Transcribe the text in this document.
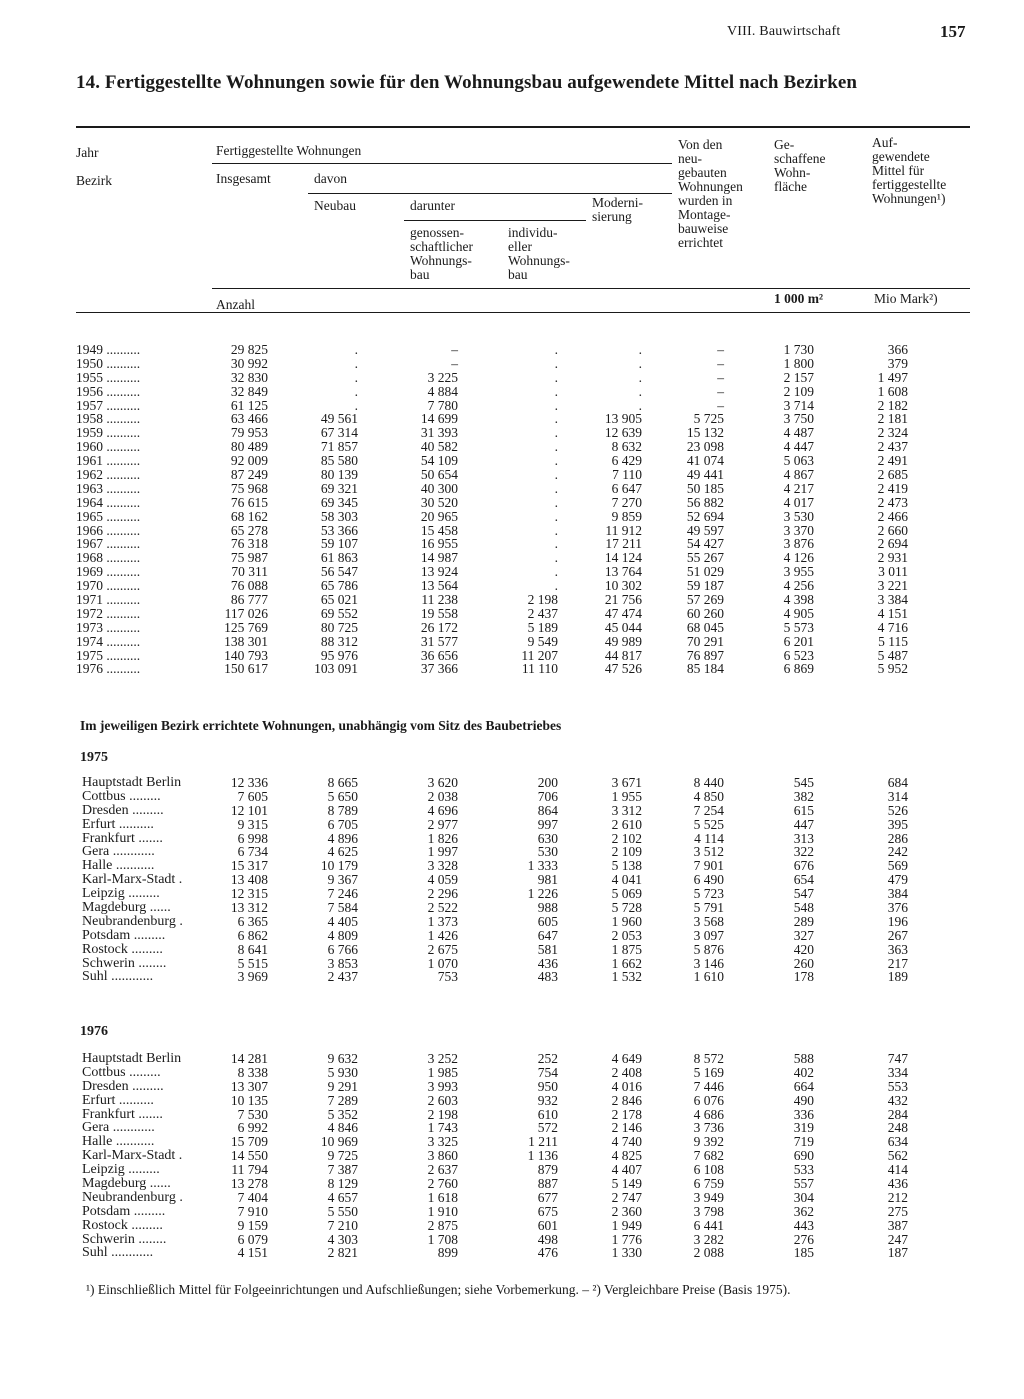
VIII. Bauwirtschaft	157
14. Fertiggestellte Wohnungen sowie für den Wohnungsbau aufgewendete Mittel nach Bezirken
Jahr
Bezirk
Fertiggestellte Wohnungen
Insgesamt	davon
Neubau	darunter
genossen-
schaftlicher
Wohnungs-
bau
individu-
eller
Wohnungs-
bau
Moderni-
sierung
Von den
neu-
gebauten
Wohnungen
wurden in
Montage-
bauweise
errichtet
Ge-
schaffene
Wohn-
fläche
Auf-
gewendete
Mittel für
fertiggestellte
Wohnungen¹)
Anzahl	1 000 m²	Mio Mark²)
1949 ..........	29 825	.	–	.	.	–	1 730	366
1950 ..........	30 992	.	–	.	.	–	1 800	379
1955 ..........	32 830	.	3 225	.	.	–	2 157	1 497
1956 ..........	32 849	.	4 884	.	.	–	2 109	1 608
1957 ..........	61 125	.	7 780	.	.	–	3 714	2 182
1958 ..........	63 466	49 561	14 699	.	13 905	5 725	3 750	2 181
1959 ..........	79 953	67 314	31 393	.	12 639	15 132	4 487	2 324
1960 ..........	80 489	71 857	40 582	.	8 632	23 098	4 447	2 437
1961 ..........	92 009	85 580	54 109	.	6 429	41 074	5 063	2 491
1962 ..........	87 249	80 139	50 654	.	7 110	49 441	4 867	2 685
1963 ..........	75 968	69 321	40 300	.	6 647	50 185	4 217	2 419
1964 ..........	76 615	69 345	30 520	.	7 270	56 882	4 017	2 473
1965 ..........	68 162	58 303	20 965	.	9 859	52 694	3 530	2 466
1966 ..........	65 278	53 366	15 458	.	11 912	49 597	3 370	2 660
1967 ..........	76 318	59 107	16 955	.	17 211	54 427	3 876	2 694
1968 ..........	75 987	61 863	14 987	.	14 124	55 267	4 126	2 931
1969 ..........	70 311	56 547	13 924	.	13 764	51 029	3 955	3 011
1970 ..........	76 088	65 786	13 564	.	10 302	59 187	4 256	3 221
1971 ..........	86 777	65 021	11 238	2 198	21 756	57 269	4 398	3 384
1972 ..........	117 026	69 552	19 558	2 437	47 474	60 260	4 905	4 151
1973 ..........	125 769	80 725	26 172	5 189	45 044	68 045	5 573	4 716
1974 ..........	138 301	88 312	31 577	9 549	49 989	70 291	6 201	5 115
1975 ..........	140 793	95 976	36 656	11 207	44 817	76 897	6 523	5 487
1976 ..........	150 617	103 091	37 366	11 110	47 526	85 184	6 869	5 952
Im jeweiligen Bezirk errichtete Wohnungen, unabhängig vom Sitz des Baubetriebes
1975
Hauptstadt Berlin	12 336	8 665	3 620	200	3 671	8 440	545	684
Cottbus .........	7 605	5 650	2 038	706	1 955	4 850	382	314
Dresden .........	12 101	8 789	4 696	864	3 312	7 254	615	526
Erfurt ..........	9 315	6 705	2 977	997	2 610	5 525	447	395
Frankfurt .......	6 998	4 896	1 826	630	2 102	4 114	313	286
Gera ............	6 734	4 625	1 997	530	2 109	3 512	322	242
Halle ...........	15 317	10 179	3 328	1 333	5 138	7 901	676	569
Karl-Marx-Stadt .	13 408	9 367	4 059	981	4 041	6 490	654	479
Leipzig .........	12 315	7 246	2 296	1 226	5 069	5 723	547	384
Magdeburg ......	13 312	7 584	2 522	988	5 728	5 791	548	376
Neubrandenburg .	6 365	4 405	1 373	605	1 960	3 568	289	196
Potsdam .........	6 862	4 809	1 426	647	2 053	3 097	327	267
Rostock .........	8 641	6 766	2 675	581	1 875	5 876	420	363
Schwerin ........	5 515	3 853	1 070	436	1 662	3 146	260	217
Suhl ............	3 969	2 437	753	483	1 532	1 610	178	189
1976
Hauptstadt Berlin	14 281	9 632	3 252	252	4 649	8 572	588	747
Cottbus .........	8 338	5 930	1 985	754	2 408	5 169	402	334
Dresden .........	13 307	9 291	3 993	950	4 016	7 446	664	553
Erfurt ..........	10 135	7 289	2 603	932	2 846	6 076	490	432
Frankfurt .......	7 530	5 352	2 198	610	2 178	4 686	336	284
Gera ............	6 992	4 846	1 743	572	2 146	3 736	319	248
Halle ...........	15 709	10 969	3 325	1 211	4 740	9 392	719	634
Karl-Marx-Stadt .	14 550	9 725	3 860	1 136	4 825	7 682	690	562
Leipzig .........	11 794	7 387	2 637	879	4 407	6 108	533	414
Magdeburg ......	13 278	8 129	2 760	887	5 149	6 759	557	436
Neubrandenburg .	7 404	4 657	1 618	677	2 747	3 949	304	212
Potsdam .........	7 910	5 550	1 910	675	2 360	3 798	362	275
Rostock .........	9 159	7 210	2 875	601	1 949	6 441	443	387
Schwerin ........	6 079	4 303	1 708	498	1 776	3 282	276	247
Suhl ............	4 151	2 821	899	476	1 330	2 088	185	187
¹) Einschließlich Mittel für Folgeeinrichtungen und Aufschließungen; siehe Vorbemerkung. – ²) Vergleichbare Preise (Basis 1975).
